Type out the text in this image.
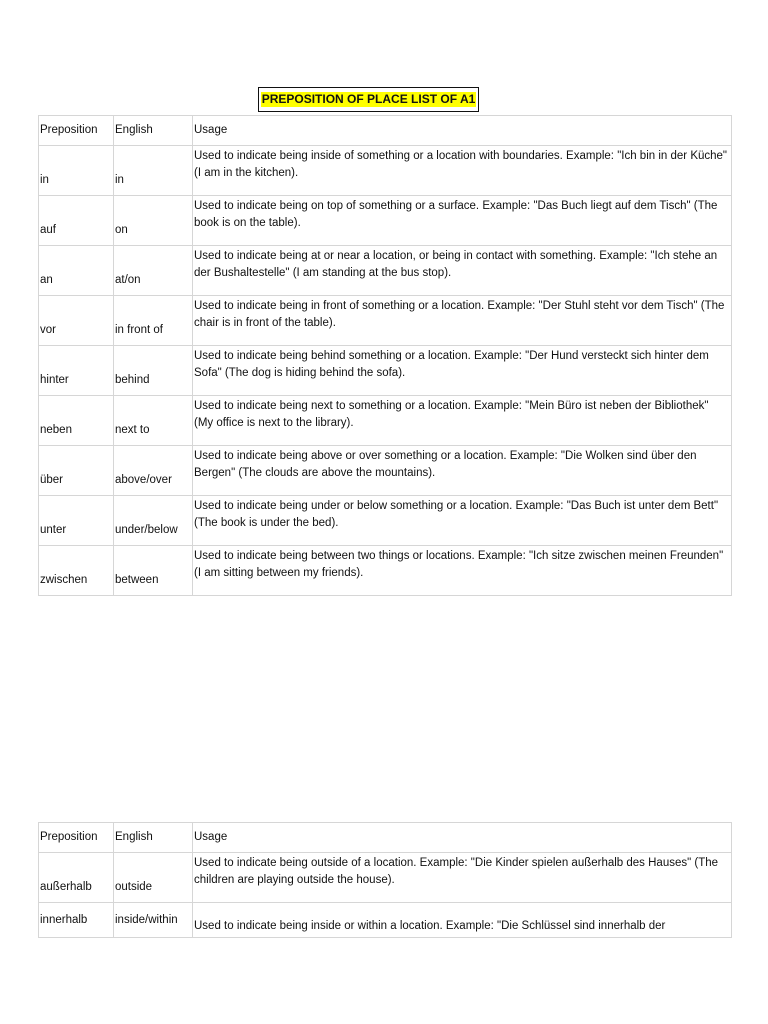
PREPOSITION OF PLACE LIST OF A1
Preposition	English	Usage
in	in	Used to indicate being inside of something or a location with boundaries. Example: "Ich bin in der Küche" (I am in the kitchen).
auf	on	Used to indicate being on top of something or a surface. Example: "Das Buch liegt auf dem Tisch" (The book is on the table).
an	at/on	Used to indicate being at or near a location, or being in contact with something. Example: "Ich stehe an der Bushaltestelle" (I am standing at the bus stop).
vor	in front of	Used to indicate being in front of something or a location. Example: "Der Stuhl steht vor dem Tisch" (The chair is in front of the table).
hinter	behind	Used to indicate being behind something or a location. Example: "Der Hund versteckt sich hinter dem Sofa" (The dog is hiding behind the sofa).
neben	next to	Used to indicate being next to something or a location. Example: "Mein Büro ist neben der Bibliothek" (My office is next to the library).
über	above/over	Used to indicate being above or over something or a location. Example: "Die Wolken sind über den Bergen" (The clouds are above the mountains).
unter	under/below	Used to indicate being under or below something or a location. Example: "Das Buch ist unter dem Bett" (The book is under the bed).
zwischen	between	Used to indicate being between two things or locations. Example: "Ich sitze zwischen meinen Freunden" (I am sitting between my friends).
Preposition	English	Usage
außerhalb	outside	Used to indicate being outside of a location. Example: "Die Kinder spielen außerhalb des Hauses" (The children are playing outside the house).
innerhalb	inside/within	Used to indicate being inside or within a location. Example: "Die Schlüssel sind innerhalb der
